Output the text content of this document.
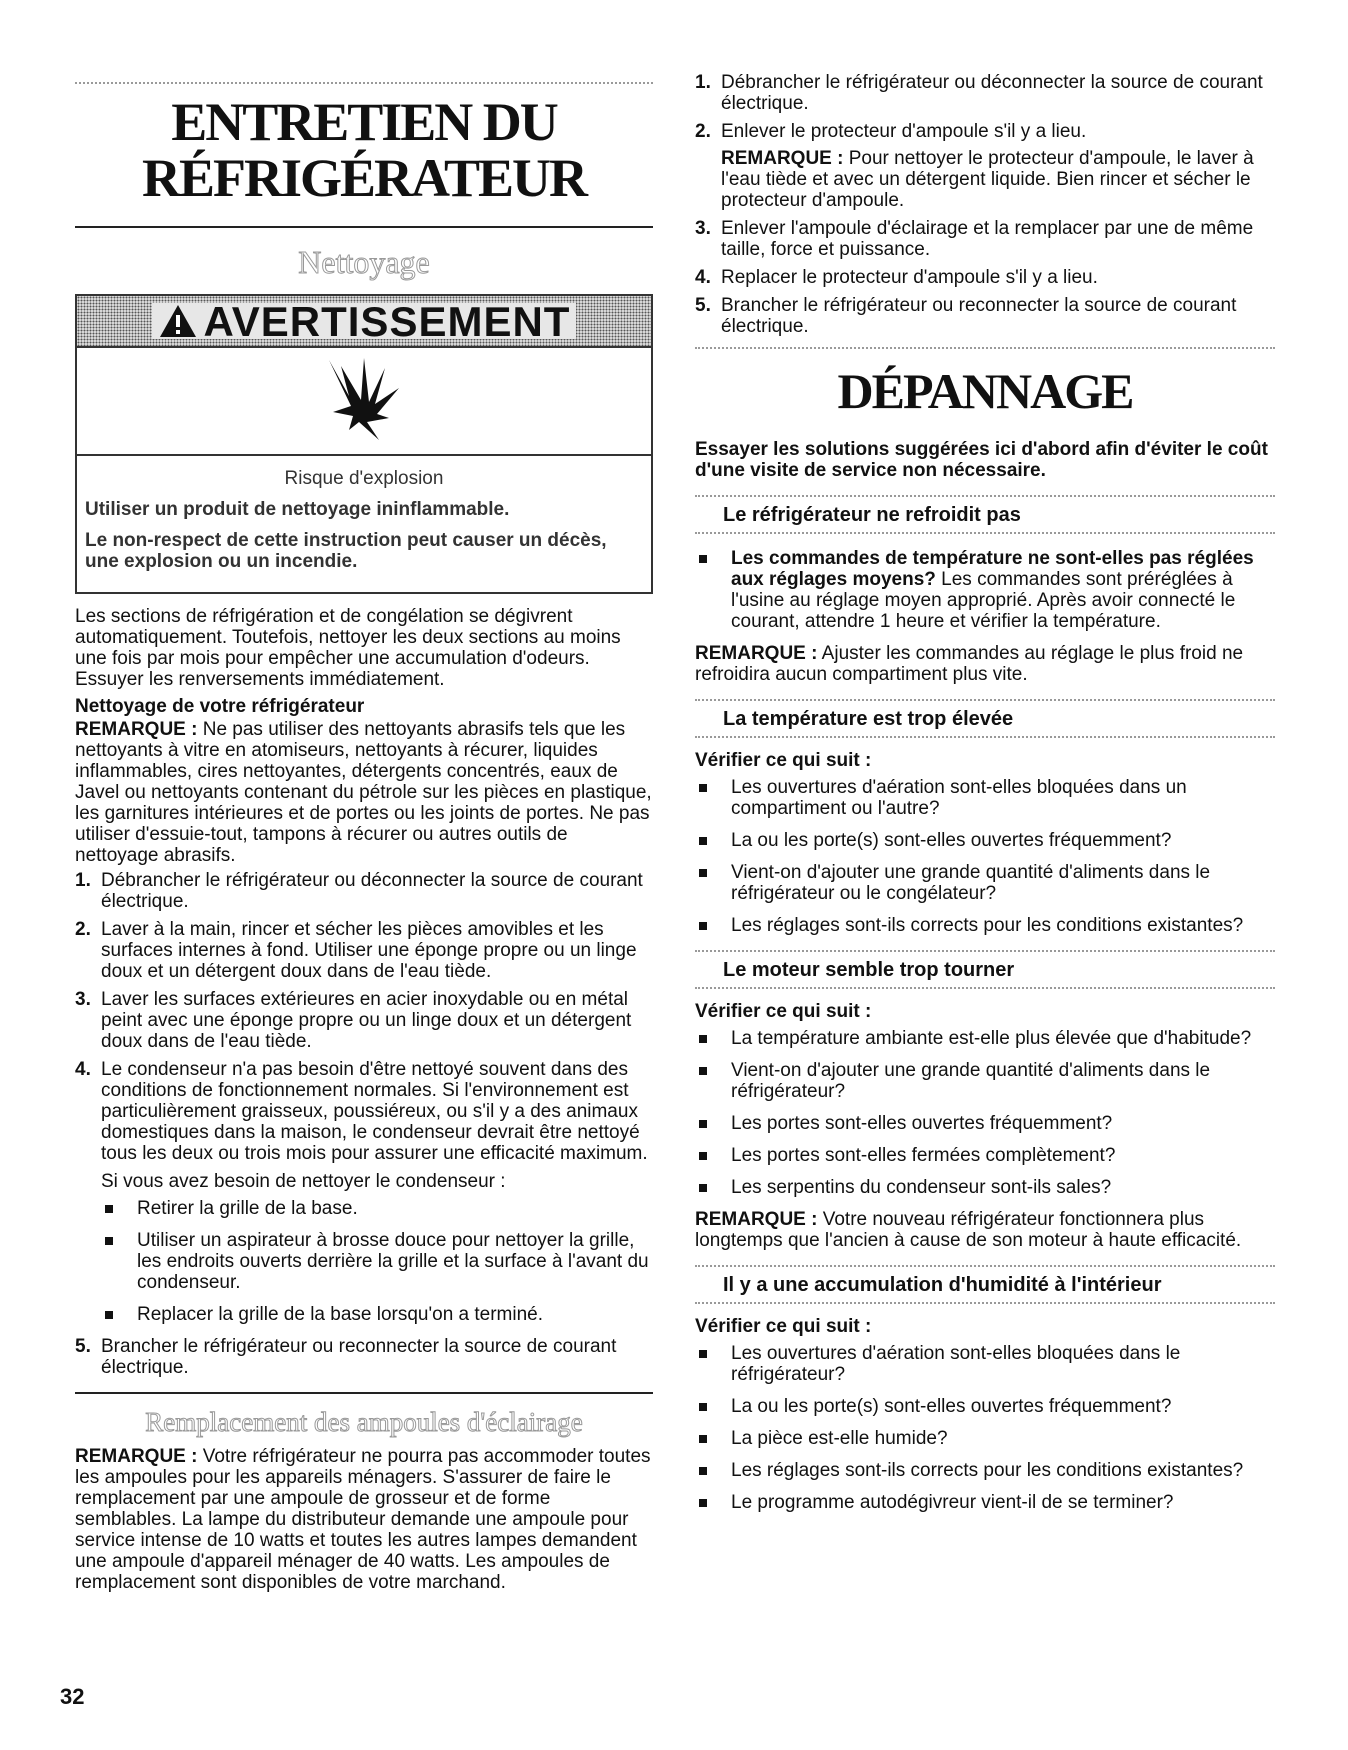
ENTRETIEN DU

RÉFRIGÉRATEUR

Nettoyage

AVERTISSEMENT

Risque d'explosion

Utiliser un produit de nettoyage ininflammable.

Le non-respect de cette instruction peut causer un décès, une explosion ou un incendie.

Les sections de réfrigération et de congélation se dégivrent automatiquement. Toutefois, nettoyer les deux sections au moins une fois par mois pour empêcher une accumulation d'odeurs. Essuyer les renversements immédiatement.

Nettoyage de votre réfrigérateur

REMARQUE : Ne pas utiliser des nettoyants abrasifs tels que les nettoyants à vitre en atomiseurs, nettoyants à récurer, liquides inflammables, cires nettoyantes, détergents concentrés, eaux de Javel ou nettoyants contenant du pétrole sur les pièces en plastique, les garnitures intérieures et de portes ou les joints de portes. Ne pas utiliser d'essuie-tout, tampons à récurer ou autres outils de nettoyage abrasifs.

1. Débrancher le réfrigérateur ou déconnecter la source de courant électrique.
2. Laver à la main, rincer et sécher les pièces amovibles et les surfaces internes à fond. Utiliser une éponge propre ou un linge doux et un détergent doux dans de l'eau tiède.
3. Laver les surfaces extérieures en acier inoxydable ou en métal peint avec une éponge propre ou un linge doux et un détergent doux dans de l'eau tiède.
4. Le condenseur n'a pas besoin d'être nettoyé souvent dans des conditions de fonctionnement normales. Si l'environnement est particulièrement graisseux, poussiéreux, ou s'il y a des animaux domestiques dans la maison, le condenseur devrait être nettoyé tous les deux ou trois mois pour assurer une efficacité maximum.

Si vous avez besoin de nettoyer le condenseur :

Retirer la grille de la base.
Utiliser un aspirateur à brosse douce pour nettoyer la grille, les endroits ouverts derrière la grille et la surface à l'avant du condenseur.
Replacer la grille de la base lorsqu'on a terminé.
5. Brancher le réfrigérateur ou reconnecter la source de courant électrique.

Remplacement des ampoules d'éclairage

REMARQUE : Votre réfrigérateur ne pourra pas accommoder toutes les ampoules pour les appareils ménagers. S'assurer de faire le remplacement par une ampoule de grosseur et de forme semblables. La lampe du distributeur demande une ampoule pour service intense de 10 watts et toutes les autres lampes demandent une ampoule d'appareil ménager de 40 watts. Les ampoules de remplacement sont disponibles de votre marchand.

1. Débrancher le réfrigérateur ou déconnecter la source de courant électrique.
2. Enlever le protecteur d'ampoule s'il y a lieu.

REMARQUE : Pour nettoyer le protecteur d'ampoule, le laver à l'eau tiède et avec un détergent liquide. Bien rincer et sécher le protecteur d'ampoule.

3. Enlever l'ampoule d'éclairage et la remplacer par une de même taille, force et puissance.
4. Replacer le protecteur d'ampoule s'il y a lieu.
5. Brancher le réfrigérateur ou reconnecter la source de courant électrique.

DÉPANNAGE

Essayer les solutions suggérées ici d'abord afin d'éviter le coût d'une visite de service non nécessaire.

Le réfrigérateur ne refroidit pas
Les commandes de température ne sont-elles pas réglées aux réglages moyens? Les commandes sont préréglées à l'usine au réglage moyen approprié. Après avoir connecté le courant, attendre 1 heure et vérifier la température.

REMARQUE : Ajuster les commandes au réglage le plus froid ne refroidira aucun compartiment plus vite.

La température est trop élevée

Vérifier ce qui suit :

Les ouvertures d'aération sont-elles bloquées dans un compartiment ou l'autre?
La ou les porte(s) sont-elles ouvertes fréquemment?
Vient-on d'ajouter une grande quantité d'aliments dans le réfrigérateur ou le congélateur?
Les réglages sont-ils corrects pour les conditions existantes?
Le moteur semble trop tourner

Vérifier ce qui suit :

La température ambiante est-elle plus élevée que d'habitude?
Vient-on d'ajouter une grande quantité d'aliments dans le réfrigérateur?
Les portes sont-elles ouvertes fréquemment?
Les portes sont-elles fermées complètement?
Les serpentins du condenseur sont-ils sales?

REMARQUE : Votre nouveau réfrigérateur fonctionnera plus longtemps que l'ancien à cause de son moteur à haute efficacité.

Il y a une accumulation d'humidité à l'intérieur

Vérifier ce qui suit :

Les ouvertures d'aération sont-elles bloquées dans le réfrigérateur?
La ou les porte(s) sont-elles ouvertes fréquemment?
La pièce est-elle humide?
Les réglages sont-ils corrects pour les conditions existantes?
Le programme autodégivreur vient-il de se terminer?
32
